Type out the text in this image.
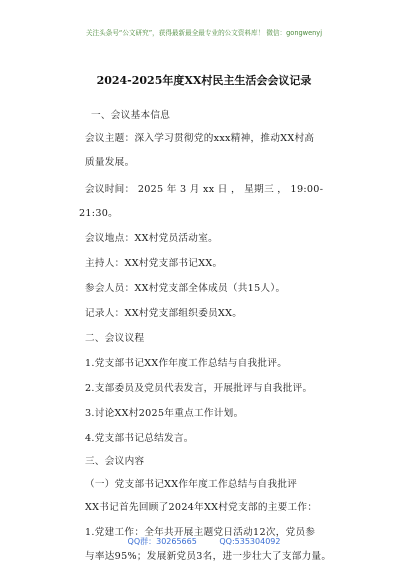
关注头条号“公文研究”，获得最新最全最专业的公文资料库！ 微信：gongwenyj
2024-2025年度XX村民主生活会会议记录
一、会议基本信息
会议主题：深入学习贯彻党的xxx精神，推动XX村高
质量发展。
会议时间： 2025 年 3 月 xx 日 ， 星期三 ， 19:00-
21:30。
会议地点：XX村党员活动室。
主持人：XX村党支部书记XX。
参会人员：XX村党支部全体成员（共15人）。
记录人：XX村党支部组织委员XX。
二、会议议程
1.党支部书记XX作年度工作总结与自我批评。
2.支部委员及党员代表发言，开展批评与自我批评。
3.讨论XX村2025年重点工作计划。
4.党支部书记总结发言。
三、会议内容
（一）党支部书记XX作年度工作总结与自我批评
XX书记首先回顾了2024年XX村党支部的主要工作：
1.党建工作：全年共开展主题党日活动12次，党员参
与率达95%；发展新党员3名，进一步壮大了支部力量。
QQ群：30265665	QQ:535304092
